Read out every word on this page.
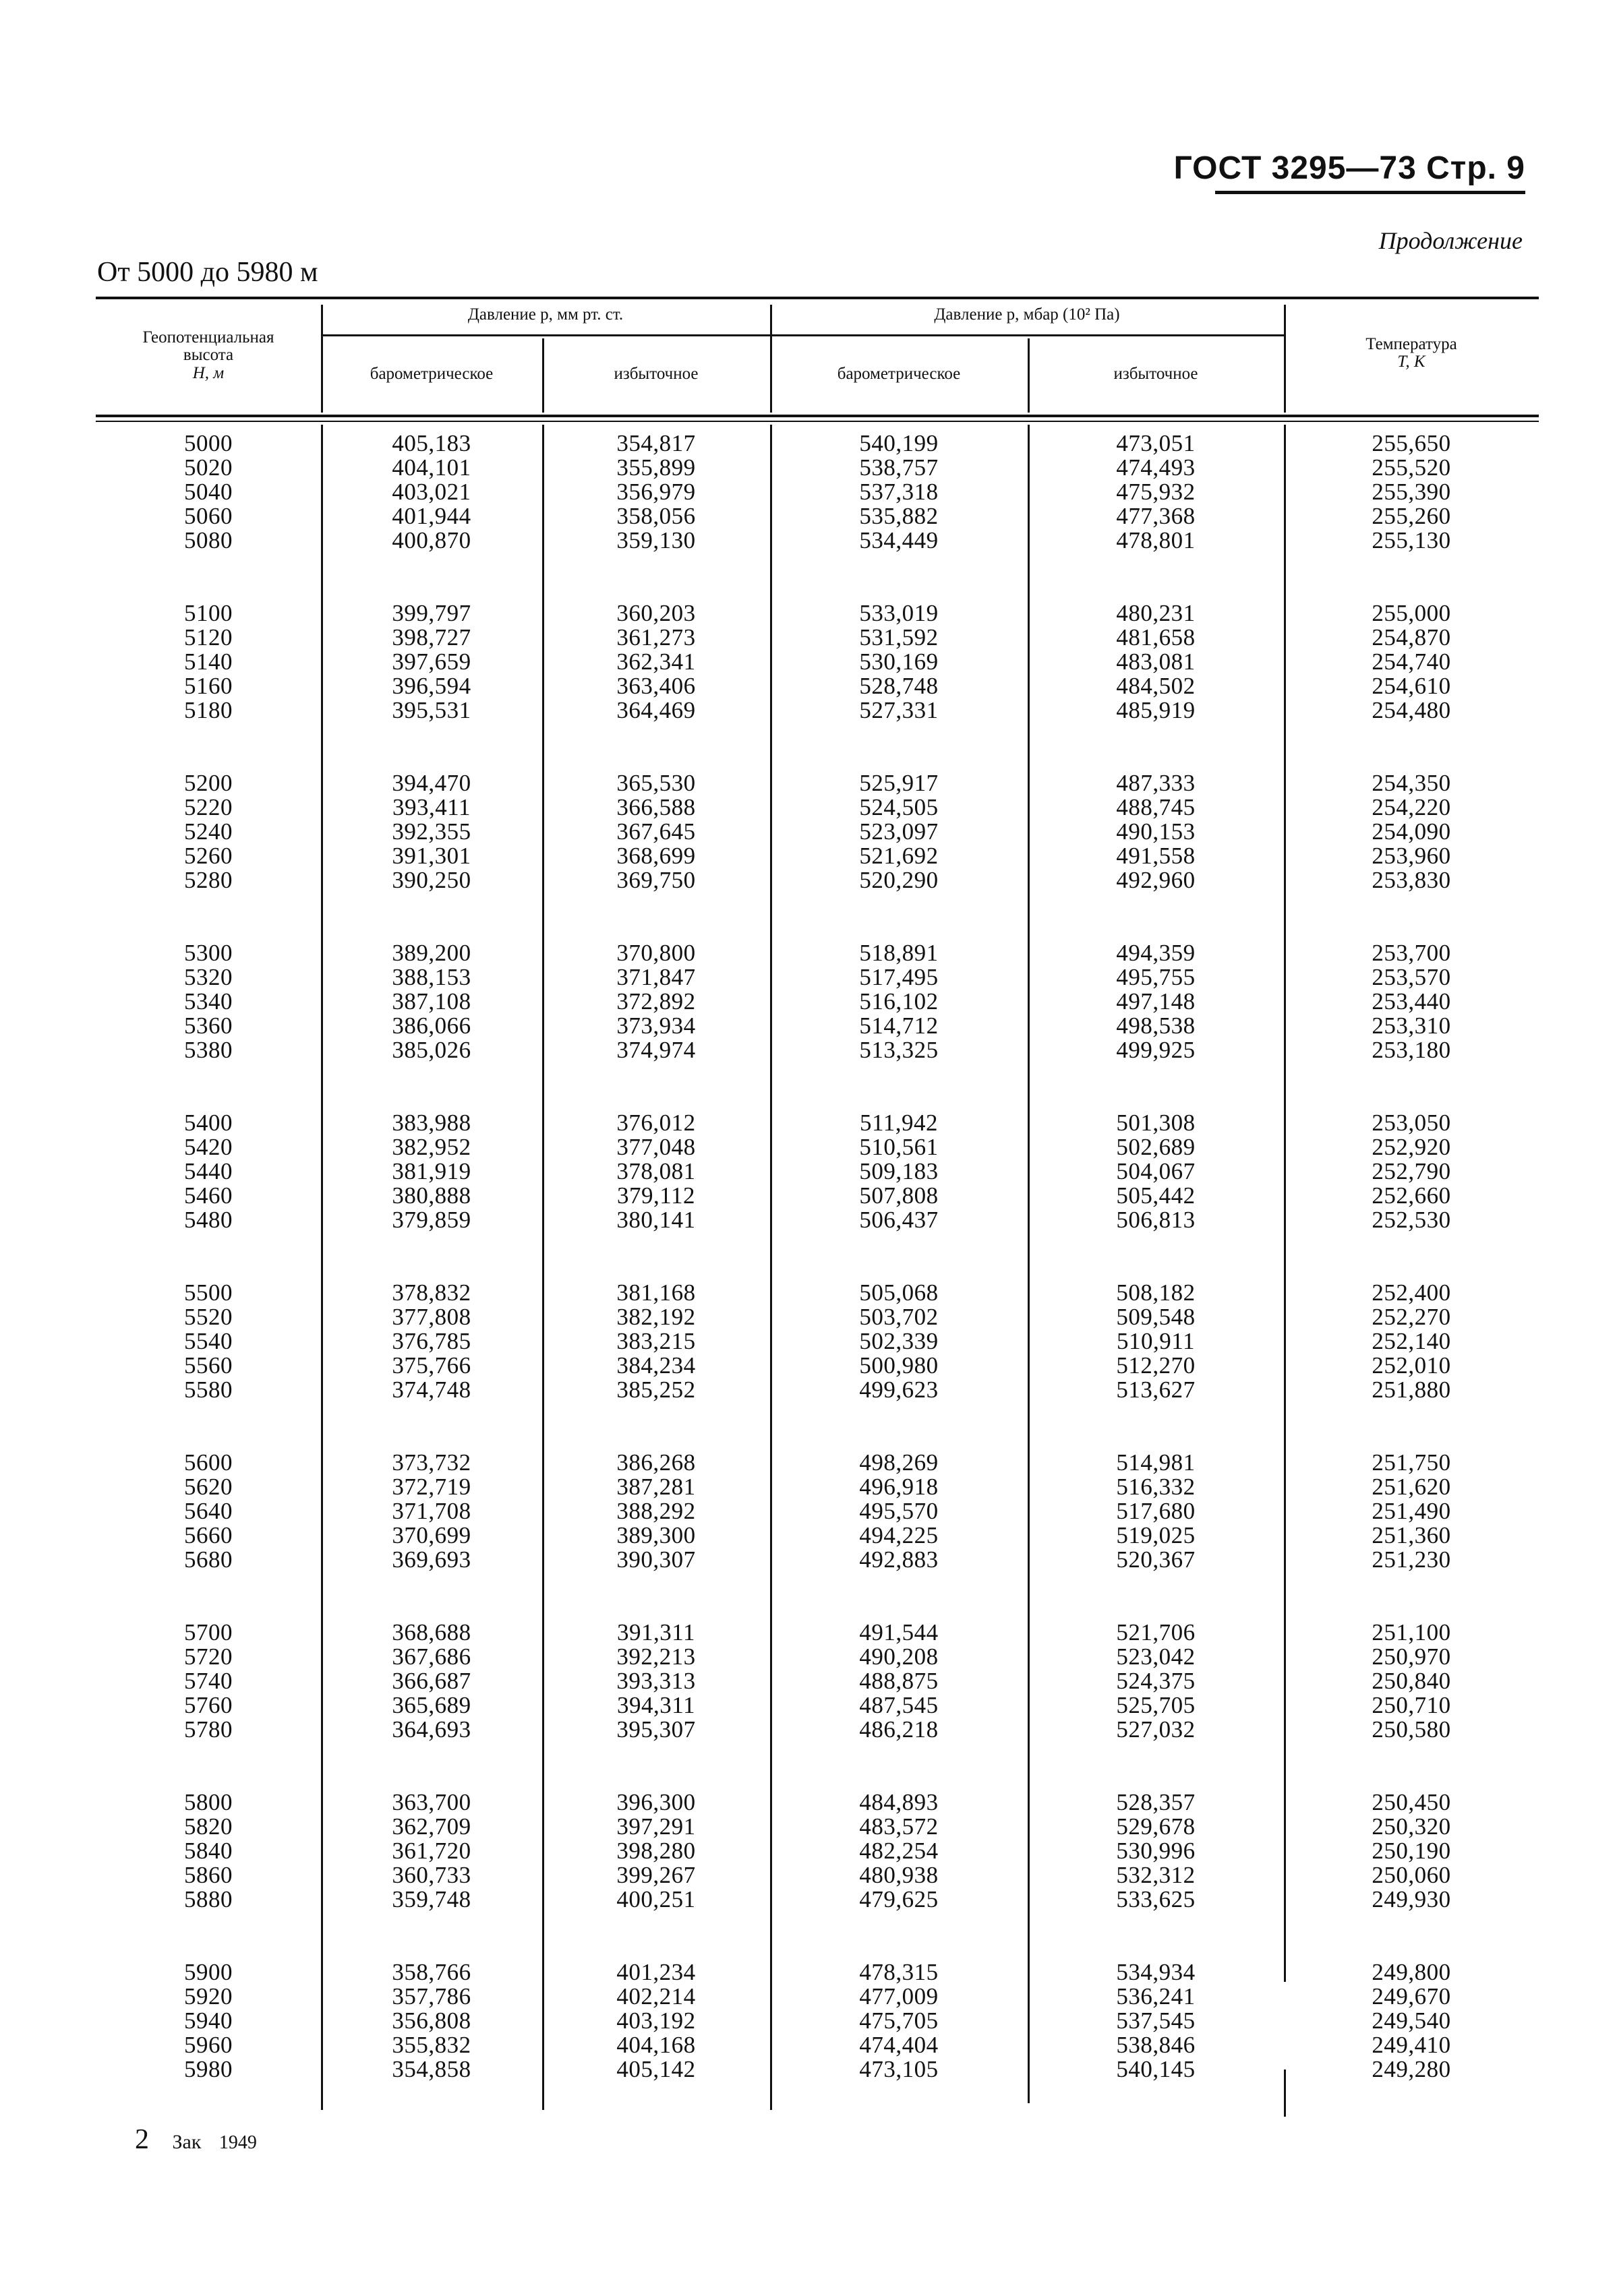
ГОСТ 3295—73 Стр. 9
Продолжение
От 5000 до 5980 м
Геопотенциальная
высота
H, м
Давление p, мм рт. ст.	Давление p, мбар (10² Па)
барометрическое	избыточное	барометрическое	избыточное
Температура
T, K
5000	405,183	354,817	540,199	473,051	255,650
5020	404,101	355,899	538,757	474,493	255,520
5040	403,021	356,979	537,318	475,932	255,390
5060	401,944	358,056	535,882	477,368	255,260
5080	400,870	359,130	534,449	478,801	255,130
5100	399,797	360,203	533,019	480,231	255,000
5120	398,727	361,273	531,592	481,658	254,870
5140	397,659	362,341	530,169	483,081	254,740
5160	396,594	363,406	528,748	484,502	254,610
5180	395,531	364,469	527,331	485,919	254,480
5200	394,470	365,530	525,917	487,333	254,350
5220	393,411	366,588	524,505	488,745	254,220
5240	392,355	367,645	523,097	490,153	254,090
5260	391,301	368,699	521,692	491,558	253,960
5280	390,250	369,750	520,290	492,960	253,830
5300	389,200	370,800	518,891	494,359	253,700
5320	388,153	371,847	517,495	495,755	253,570
5340	387,108	372,892	516,102	497,148	253,440
5360	386,066	373,934	514,712	498,538	253,310
5380	385,026	374,974	513,325	499,925	253,180
5400	383,988	376,012	511,942	501,308	253,050
5420	382,952	377,048	510,561	502,689	252,920
5440	381,919	378,081	509,183	504,067	252,790
5460	380,888	379,112	507,808	505,442	252,660
5480	379,859	380,141	506,437	506,813	252,530
5500	378,832	381,168	505,068	508,182	252,400
5520	377,808	382,192	503,702	509,548	252,270
5540	376,785	383,215	502,339	510,911	252,140
5560	375,766	384,234	500,980	512,270	252,010
5580	374,748	385,252	499,623	513,627	251,880
5600	373,732	386,268	498,269	514,981	251,750
5620	372,719	387,281	496,918	516,332	251,620
5640	371,708	388,292	495,570	517,680	251,490
5660	370,699	389,300	494,225	519,025	251,360
5680	369,693	390,307	492,883	520,367	251,230
5700	368,688	391,311	491,544	521,706	251,100
5720	367,686	392,213	490,208	523,042	250,970
5740	366,687	393,313	488,875	524,375	250,840
5760	365,689	394,311	487,545	525,705	250,710
5780	364,693	395,307	486,218	527,032	250,580
5800	363,700	396,300	484,893	528,357	250,450
5820	362,709	397,291	483,572	529,678	250,320
5840	361,720	398,280	482,254	530,996	250,190
5860	360,733	399,267	480,938	532,312	250,060
5880	359,748	400,251	479,625	533,625	249,930
5900	358,766	401,234	478,315	534,934	249,800
5920	357,786	402,214	477,009	536,241	249,670
5940	356,808	403,192	475,705	537,545	249,540
5960	355,832	404,168	474,404	538,846	249,410
5980	354,858	405,142	473,105	540,145	249,280
2 Зак 1949
